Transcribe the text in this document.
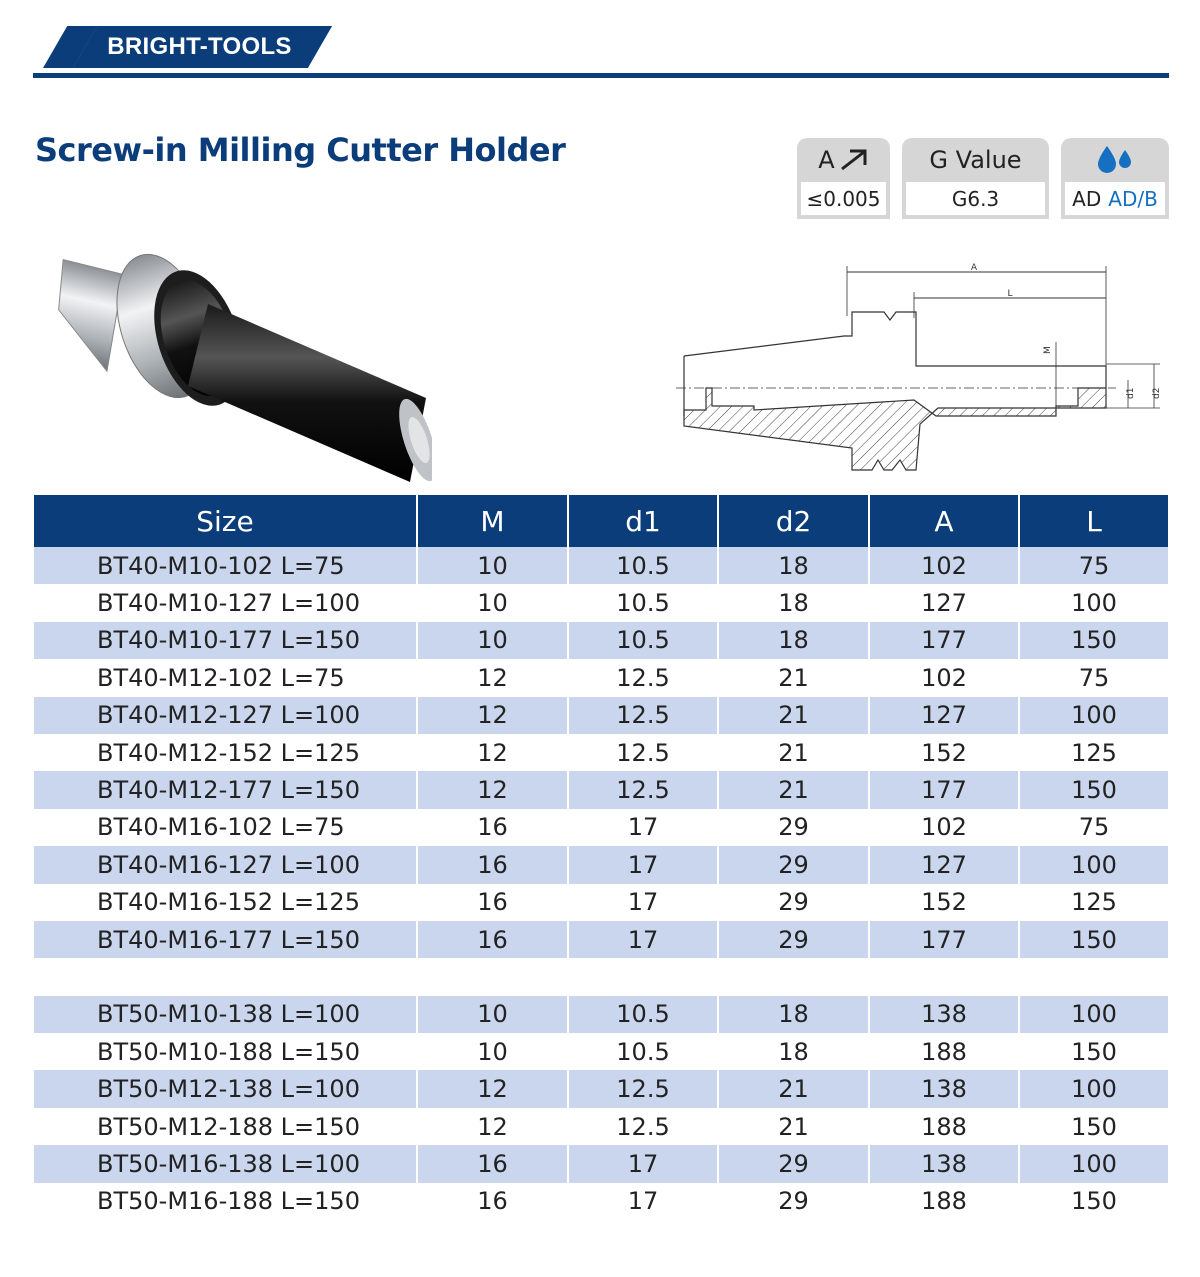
BRIGHT-TOOLS
Screw-in Milling Cutter Holder	A
≤0.005
G Value
G6.3	AD AD/B
A
L
M
d1 d2
Size	M	d1	d2	A	L
BT40-M10-102 L=75	10	10.5	18	102	75
BT40-M10-127 L=100	10	10.5	18	127	100
BT40-M10-177 L=150	10	10.5	18	177	150
BT40-M12-102 L=75	12	12.5	21	102	75
BT40-M12-127 L=100	12	12.5	21	127	100
BT40-M12-152 L=125	12	12.5	21	152	125
BT40-M12-177 L=150	12	12.5	21	177	150
BT40-M16-102 L=75	16	17	29	102	75
BT40-M16-127 L=100	16	17	29	127	100
BT40-M16-152 L=125	16	17	29	152	125
BT40-M16-177 L=150	16	17	29	177	150
BT50-M10-138 L=100	10	10.5	18	138	100
BT50-M10-188 L=150	10	10.5	18	188	150
BT50-M12-138 L=100	12	12.5	21	138	100
BT50-M12-188 L=150	12	12.5	21	188	150
BT50-M16-138 L=100	16	17	29	138	100
BT50-M16-188 L=150	16	17	29	188	150
